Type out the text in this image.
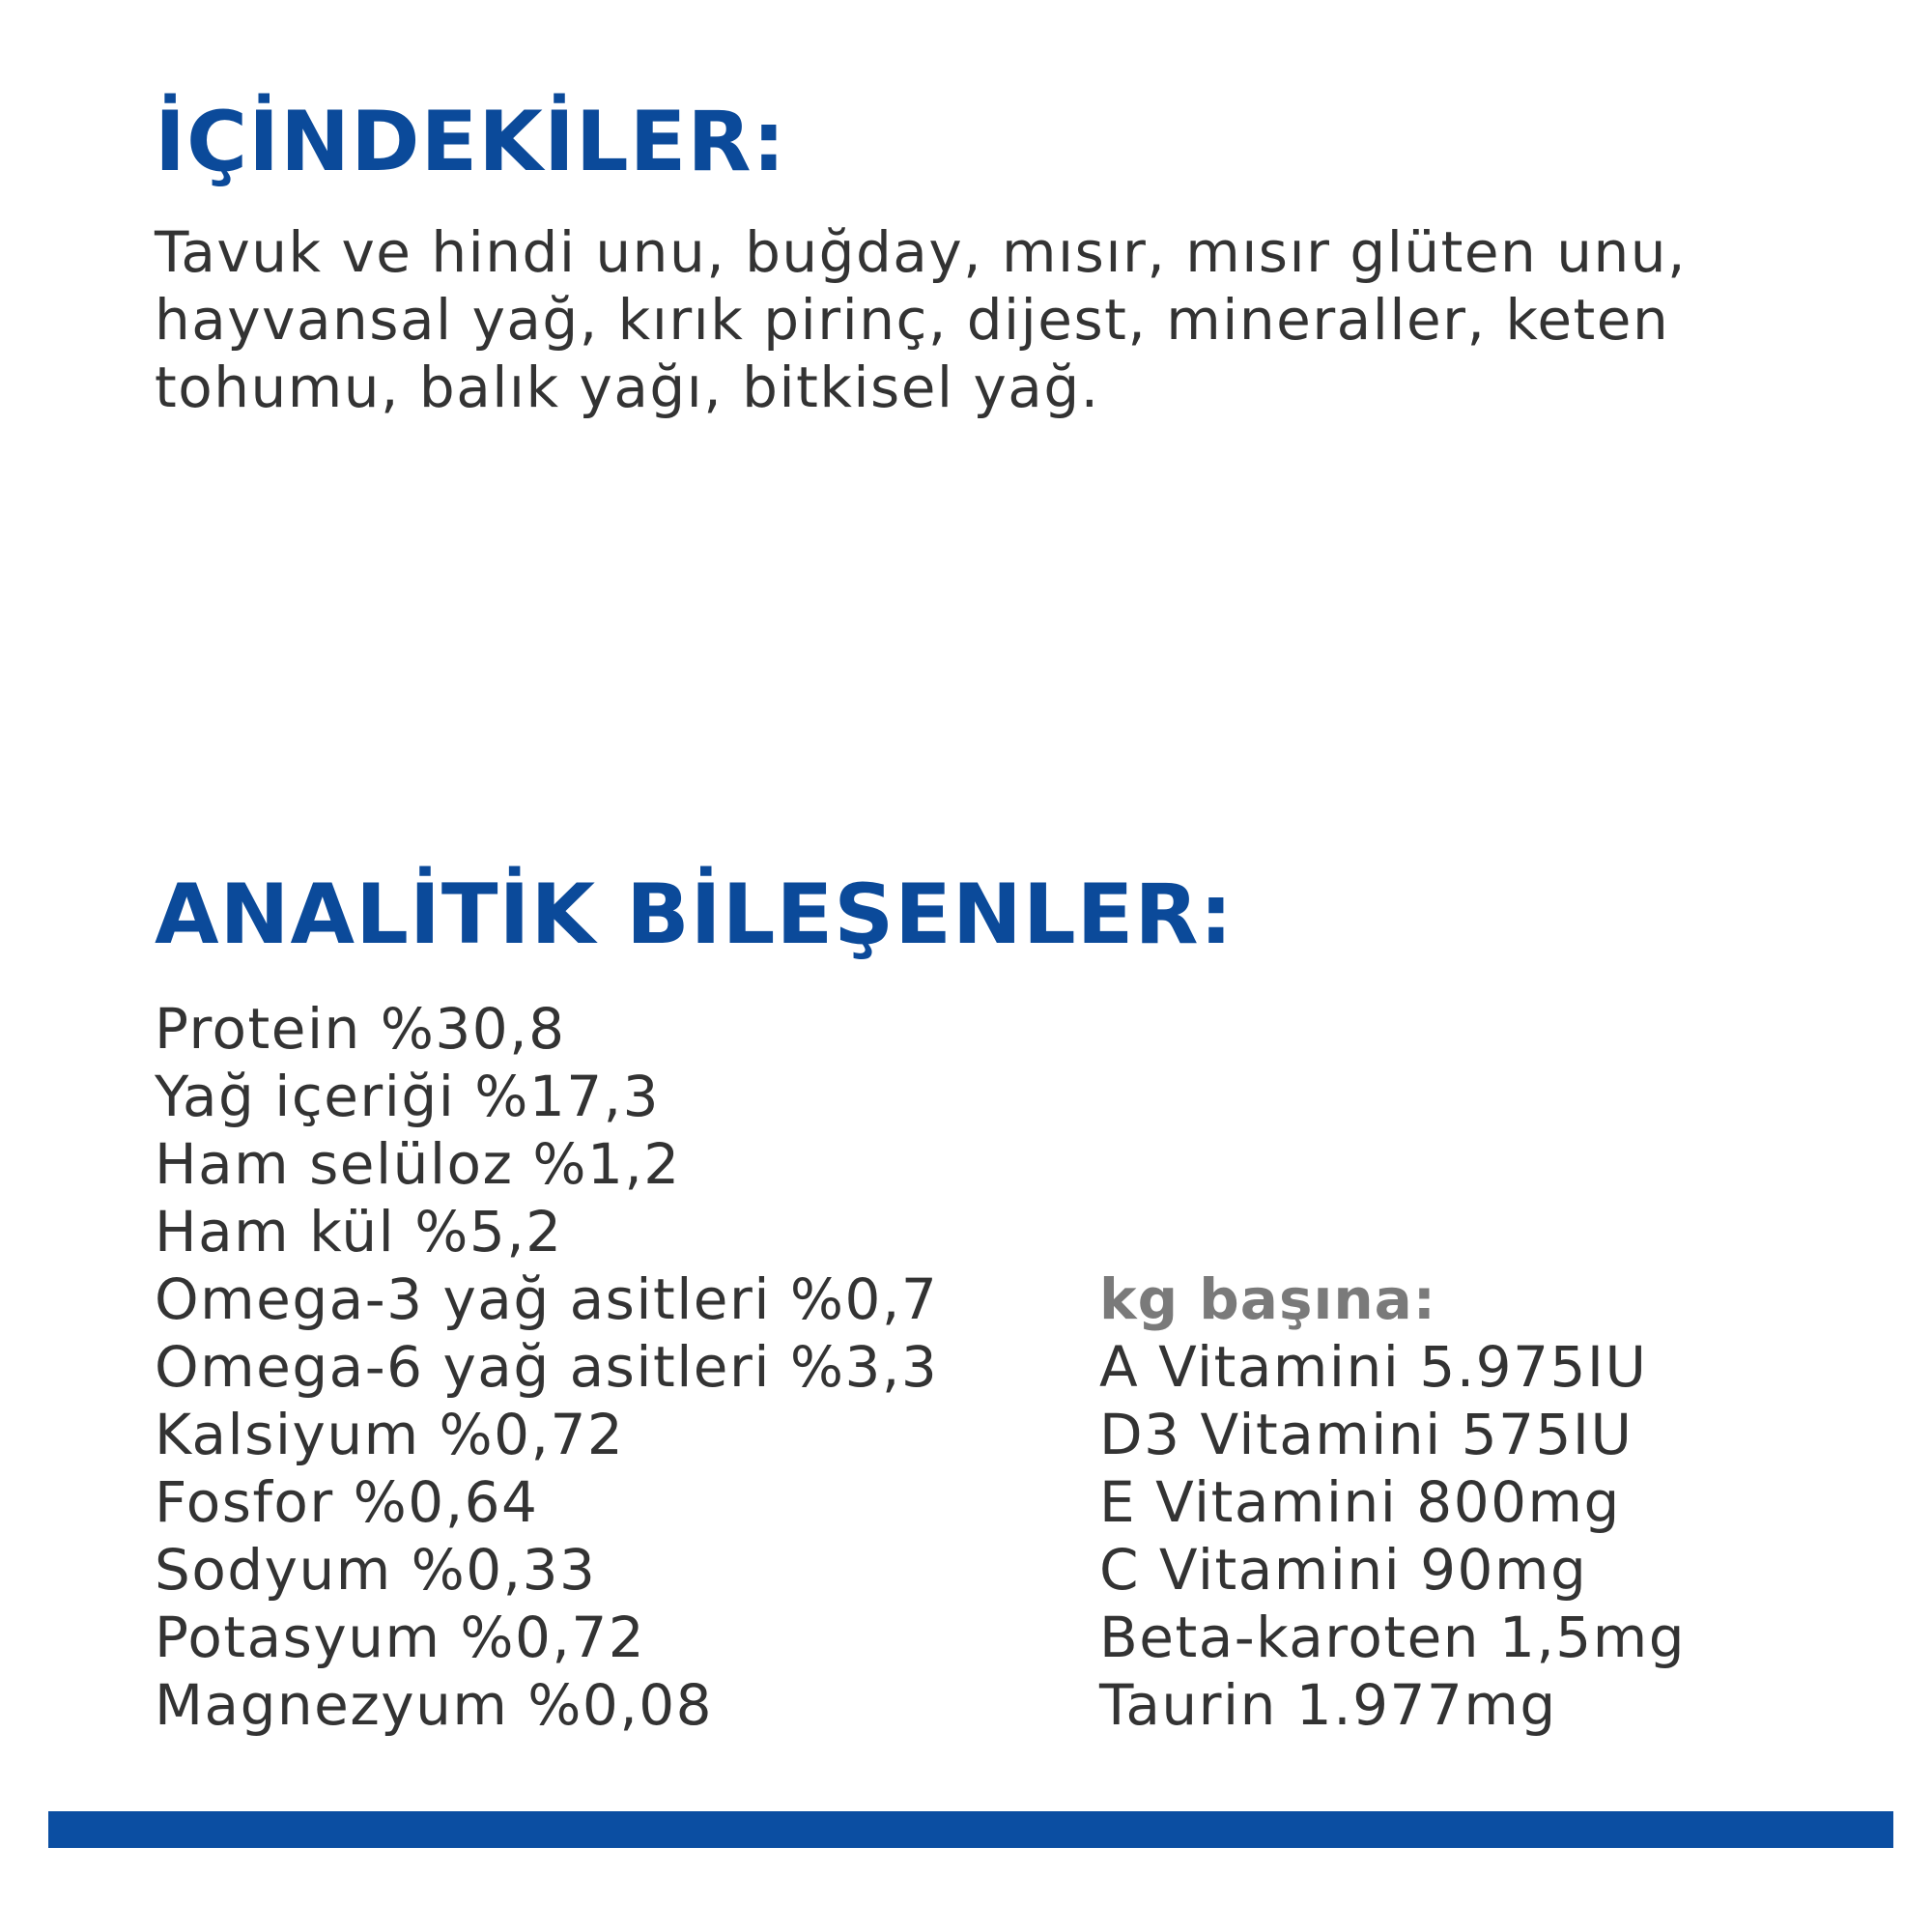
İÇİNDEKİLER:

Tavuk ve hindi unu, buğday, mısır, mısır glüten unu,
hayvansal yağ, kırık pirinç, dijest, mineraller, keten
tohumu, balık yağı, bitkisel yağ.

ANALİTİK BİLEŞENLER:
Protein %30,8
Yağ içeriği %17,3
Ham selüloz %1,2
Ham kül %5,2
Omega-3 yağ asitleri %0,7
Omega-6 yağ asitleri %3,3
Kalsiyum %0,72
Fosfor %0,64
Sodyum %0,33
Potasyum %0,72
Magnezyum %0,08
kg başına:
A Vitamini 5.975IU
D3 Vitamini 575IU
E Vitamini 800mg
C Vitamini 90mg
Beta-karoten 1,5mg
Taurin 1.977mg
